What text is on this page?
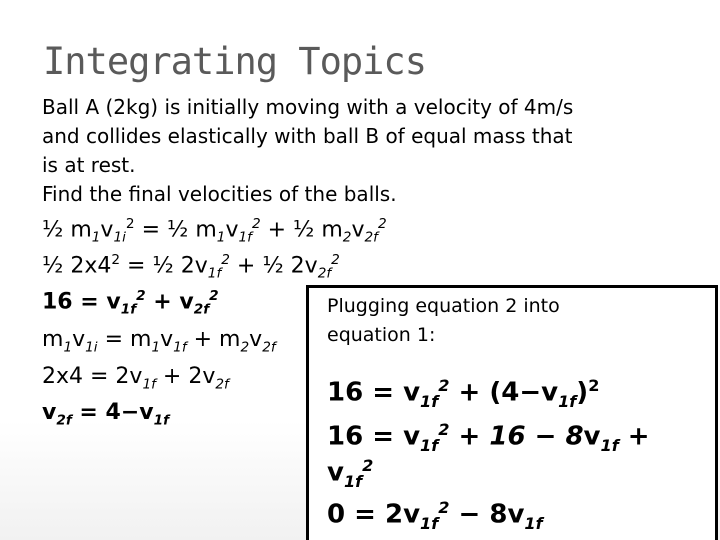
Integrating Topics
Ball A (2kg) is initially moving with a velocity of 4m/s
and collides elastically with ball B of equal mass that
is at rest.
Find the final velocities of the balls.
½ $m_1v_{1i}^2$ = ½ $m_1v_{1f}^2$ + ½ $m_2v_{2f}^2$
½ $2x4^2$ = ½ $2v_{1f}^2$ + ½ $2v_{2f}^2$
$16 = v_{1f}^2 + v_{2f}^2$
$m_1v_{1i} = m_1v_{1f} + m_2v_{2f}$
$2x4 = 2v_{1f} + 2v_{2f}$
$v_{2f} = 4-v_{1f}$
Plugging equation 2 into
equation 1:
$16 = v_{1f}^2 + (4-v_{1f})^2$
$16 = v_{1f}^2 + 16 - 8v_{1f}$ +
$v_{1f}^2$
$0 = 2v_{1f}^2 - 8v_{1f}$
